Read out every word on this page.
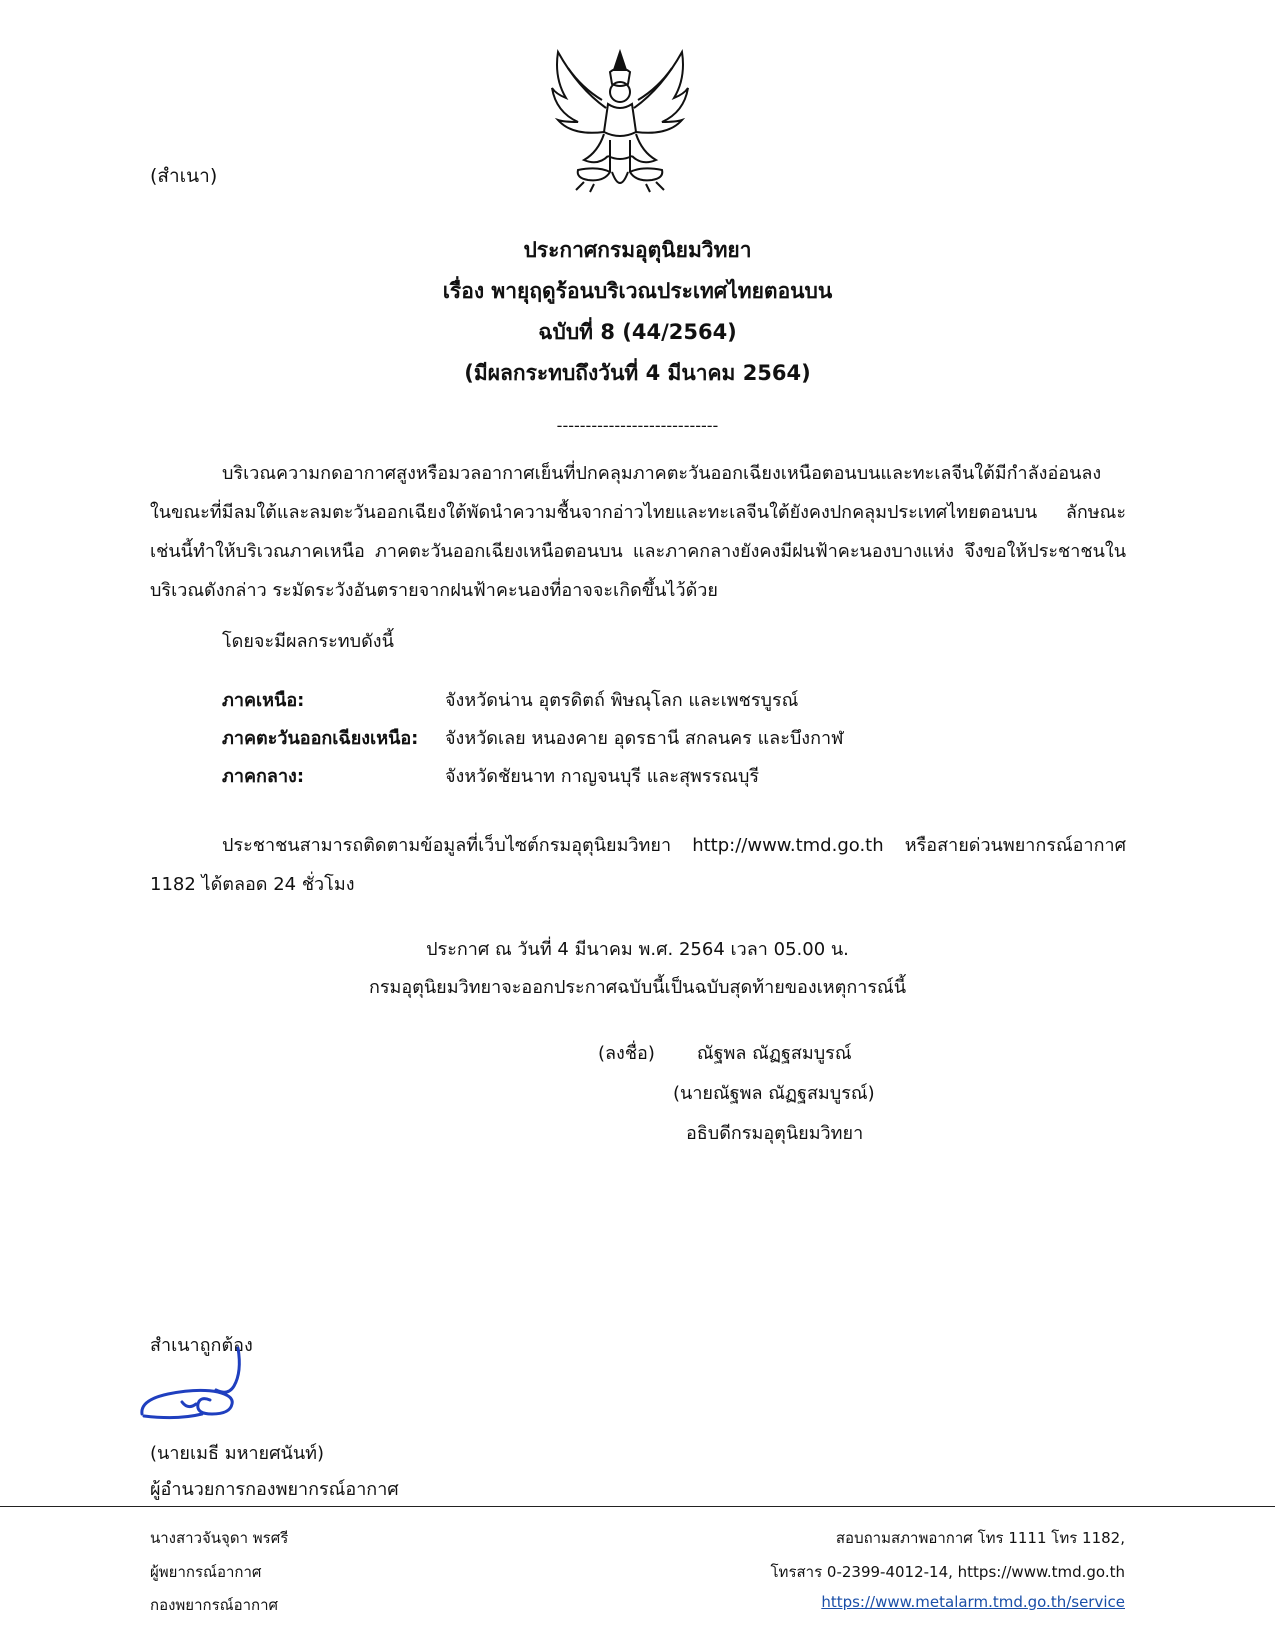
(สำเนา)
ประกาศกรมอุตุนิยมวิทยา
เรื่อง พายุฤดูร้อนบริเวณประเทศไทยตอนบน
ฉบับที่ 8 (44/2564)
(มีผลกระทบถึงวันที่ 4 มีนาคม 2564)
----------------------------
บริเวณความกดอากาศสูงหรือมวลอากาศเย็นที่ปกคลุมภาคตะวันออกเฉียงเหนือตอนบนและทะเลจีนใต้มีกำลังอ่อนลง ในขณะที่มีลมใต้และลมตะวันออกเฉียงใต้พัดนำความชื้นจากอ่าวไทยและทะเลจีนใต้ยังคงปกคลุมประเทศไทยตอนบน ลักษณะเช่นนี้ทำให้บริเวณภาคเหนือ ภาคตะวันออกเฉียงเหนือตอนบน และภาคกลางยังคงมีฝนฟ้าคะนองบางแห่ง จึงขอให้ประชาชนในบริเวณดังกล่าว ระมัดระวังอันตรายจากฝนฟ้าคะนองที่อาจจะเกิดขึ้นไว้ด้วย
โดยจะมีผลกระทบดังนี้
ภาคเหนือ:	จังหวัดน่าน อุตรดิตถ์ พิษณุโลก และเพชรบูรณ์
ภาคตะวันออกเฉียงเหนือ:	จังหวัดเลย หนองคาย อุดรธานี สกลนคร และบึงกาฬ
ภาคกลาง:	จังหวัดชัยนาท กาญจนบุรี และสุพรรณบุรี
ประชาชนสามารถติดตามข้อมูลที่เว็บไซต์กรมอุตุนิยมวิทยา http://www.tmd.go.th หรือสายด่วนพยากรณ์อากาศ 1182 ได้ตลอด 24 ชั่วโมง
ประกาศ ณ วันที่ 4 มีนาคม พ.ศ. 2564 เวลา 05.00 น.
กรมอุตุนิยมวิทยาจะออกประกาศฉบับนี้เป็นฉบับสุดท้ายของเหตุการณ์นี้
(ลงชื่อ) ณัฐพล ณัฏฐสมบูรณ์
(นายณัฐพล ณัฏฐสมบูรณ์)
อธิบดีกรมอุตุนิยมวิทยา
สำเนาถูกต้อง
(นายเมธี มหายศนันท์)
ผู้อำนวยการกองพยากรณ์อากาศ
นางสาวจันจุดา พรศรี
ผู้พยากรณ์อากาศ
กองพยากรณ์อากาศ
สอบถามสภาพอากาศ โทร 1111 โทร 1182,
โทรสาร 0-2399-4012-14, https://www.tmd.go.th
https://www.metalarm.tmd.go.th/service
